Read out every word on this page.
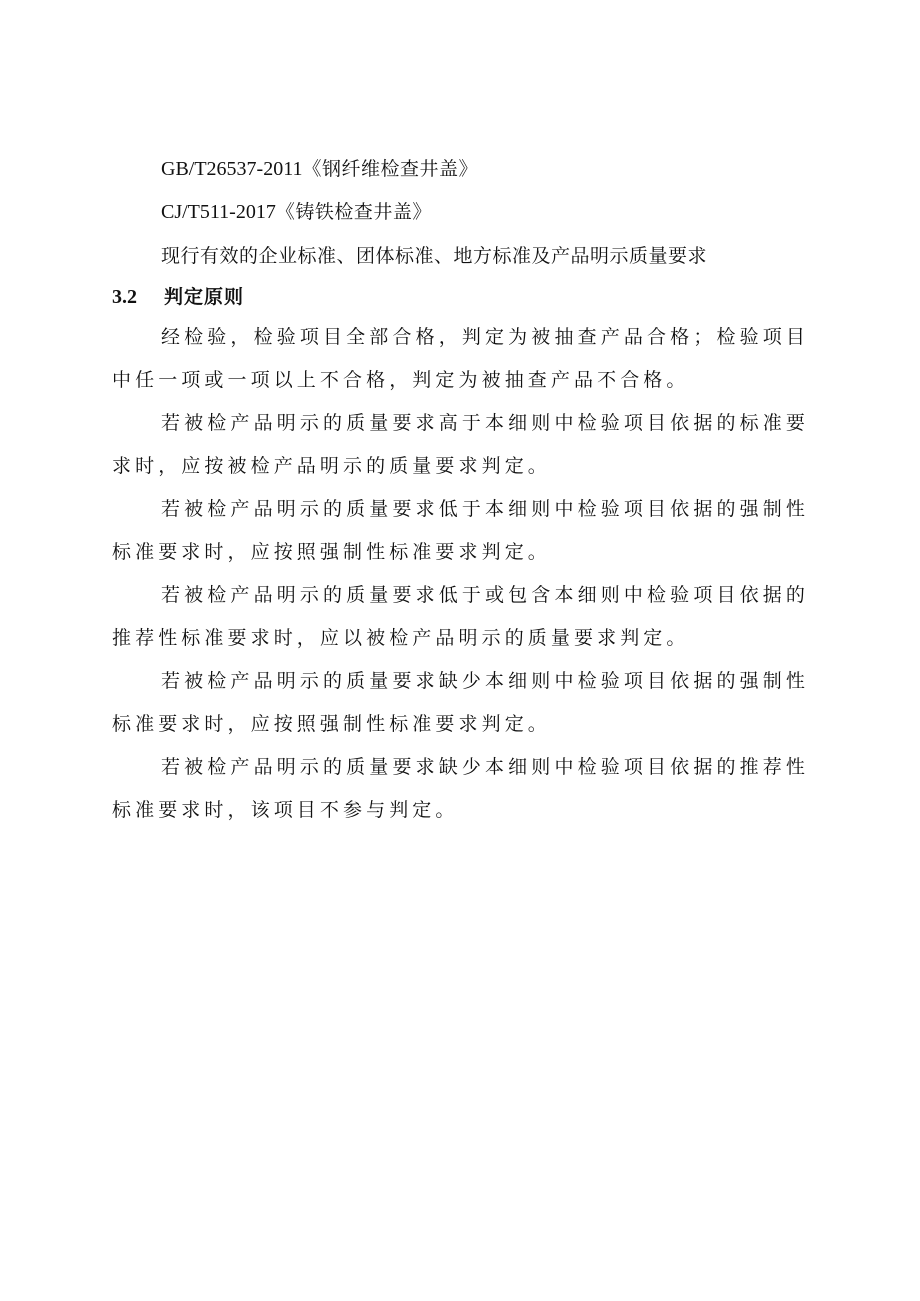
GB/T26537-2011《钢纤维检查井盖》
CJ/T511-2017《铸铁检查井盖》
现行有效的企业标准、团体标准、地方标准及产品明示质量要求
3.2 判定原则
经检验，检验项目全部合格，判定为被抽查产品合格；检验项目中任一项或一项以上不合格，判定为被抽查产品不合格。
若被检产品明示的质量要求高于本细则中检验项目依据的标准要求时，应按被检产品明示的质量要求判定。
若被检产品明示的质量要求低于本细则中检验项目依据的强制性标准要求时，应按照强制性标准要求判定。
若被检产品明示的质量要求低于或包含本细则中检验项目依据的推荐性标准要求时，应以被检产品明示的质量要求判定。
若被检产品明示的质量要求缺少本细则中检验项目依据的强制性标准要求时，应按照强制性标准要求判定。
若被检产品明示的质量要求缺少本细则中检验项目依据的推荐性标准要求时，该项目不参与判定。
